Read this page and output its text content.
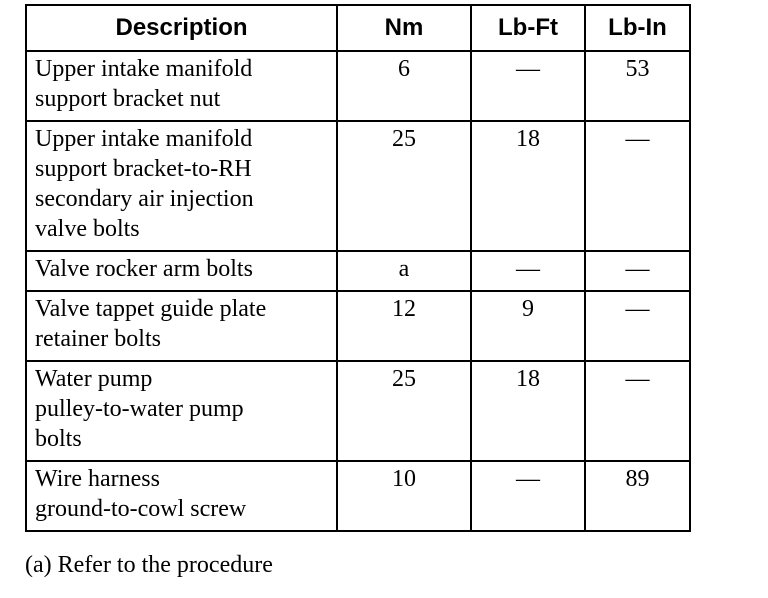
Description	Nm	Lb-Ft	Lb-In

Upper intake manifold
support bracket nut	6	—	53

Upper intake manifold
support bracket-to-RH
secondary air injection
valve bolts	25	18	—

Valve rocker arm bolts	a	—	—

Valve tappet guide plate
retainer bolts	12	9	—

Water pump
pulley-to-water pump
bolts	25	18	—

Wire harness
ground-to-cowl screw	10	—	89
(a) Refer to the procedure
